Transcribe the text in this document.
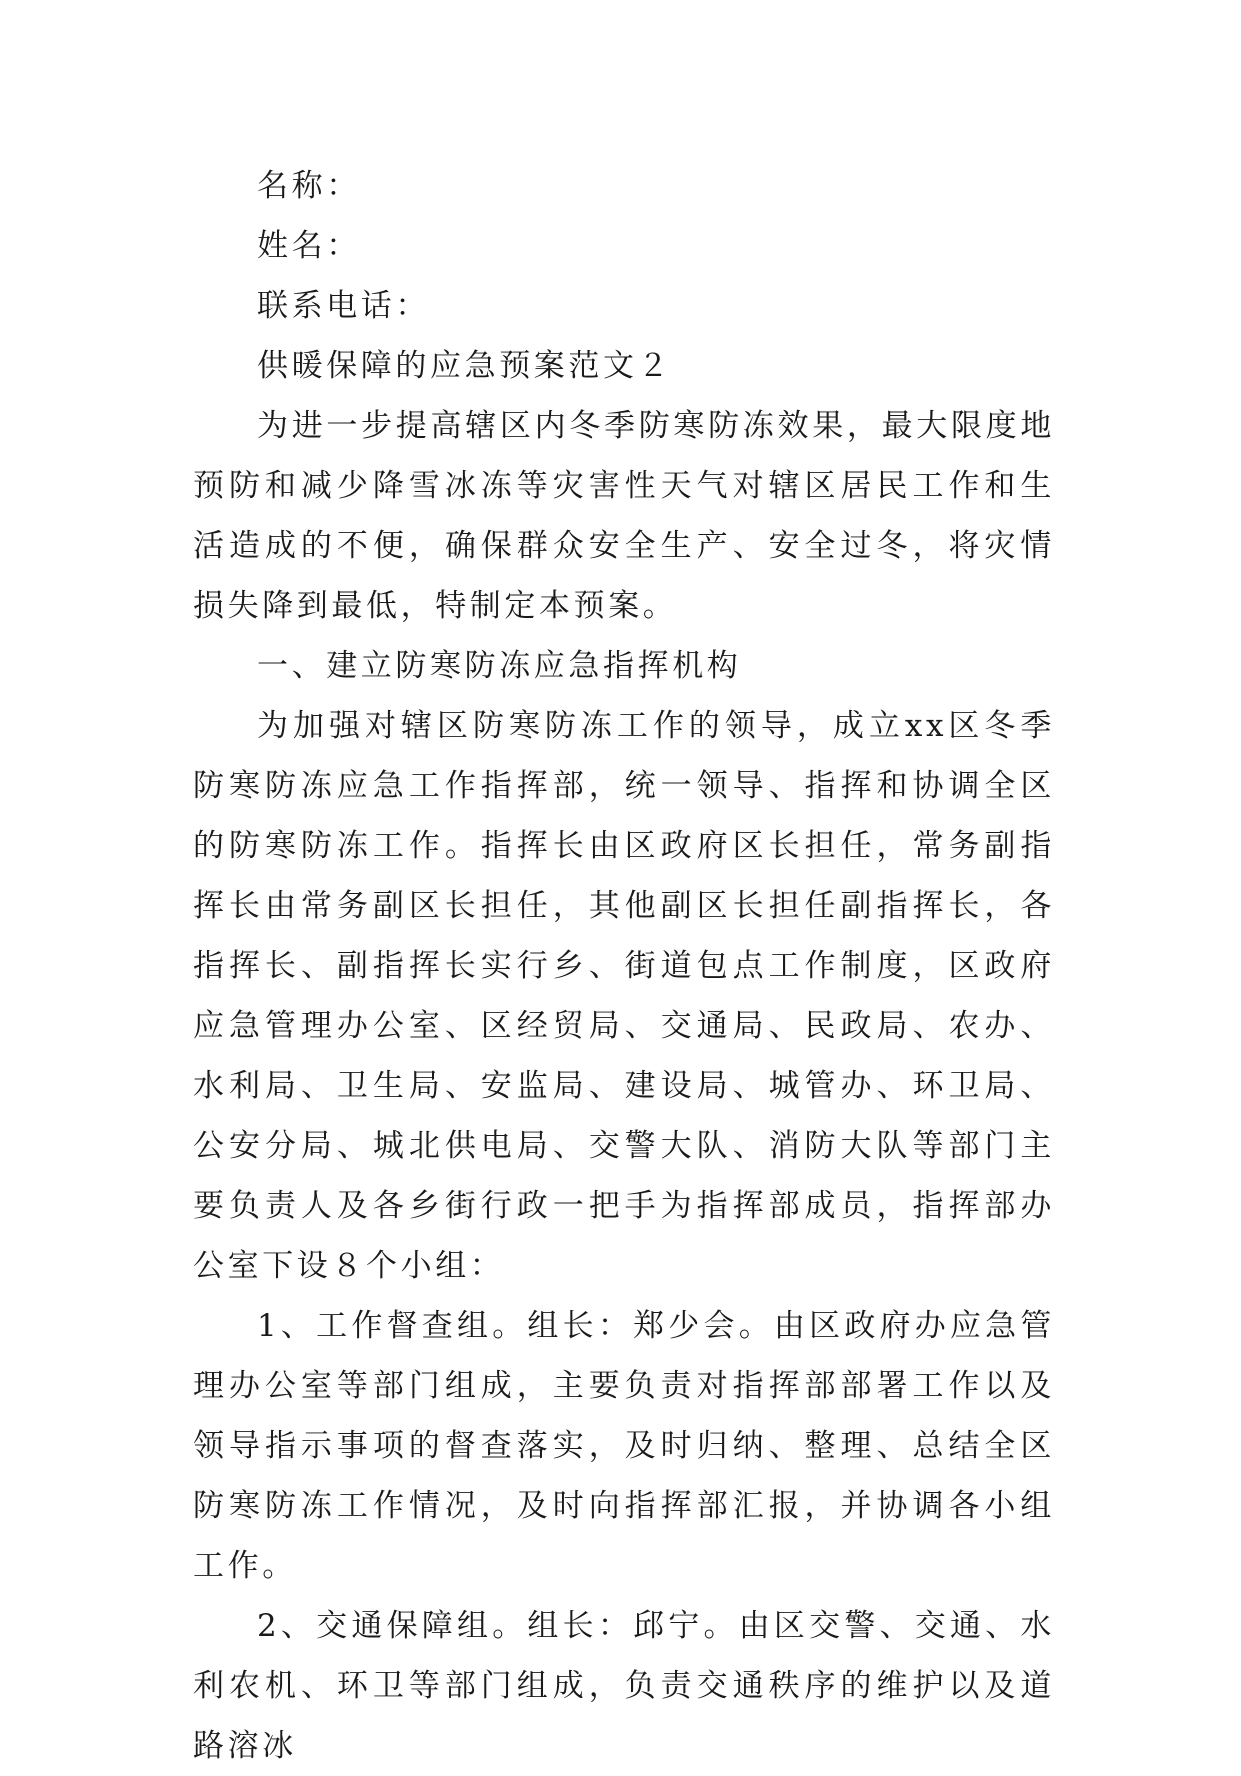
名称：

姓名：

联系电话：

供暖保障的应急预案范文２

为进一步提高辖区内冬季防寒防冻效果，最大限度地预防和减少降雪冰冻等灾害性天气对辖区居民工作和生活造成的不便，确保群众安全生产、安全过冬，将灾情损失降到最低，特制定本预案。

一、建立防寒防冻应急指挥机构

为加强对辖区防寒防冻工作的领导，成立xx区冬季防寒防冻应急工作指挥部，统一领导、指挥和协调全区的防寒防冻工作。指挥长由区政府区长担任，常务副指挥长由常务副区长担任，其他副区长担任副指挥长，各指挥长、副指挥长实行乡、街道包点工作制度，区政府应急管理办公室、区经贸局、交通局、民政局、农办、水利局、卫生局、安监局、建设局、城管办、环卫局、公安分局、城北供电局、交警大队、消防大队等部门主要负责人及各乡街行政一把手为指挥部成员，指挥部办公室下设８个小组：

1、工作督查组。组长：郑少会。由区政府办应急管理办公室等部门组成，主要负责对指挥部部署工作以及领导指示事项的督查落实，及时归纳、整理、总结全区防寒防冻工作情况，及时向指挥部汇报，并协调各小组工作。

2、交通保障组。组长：邱宁。由区交警、交通、水利农机、环卫等部门组成，负责交通秩序的维护以及道路溶冰
